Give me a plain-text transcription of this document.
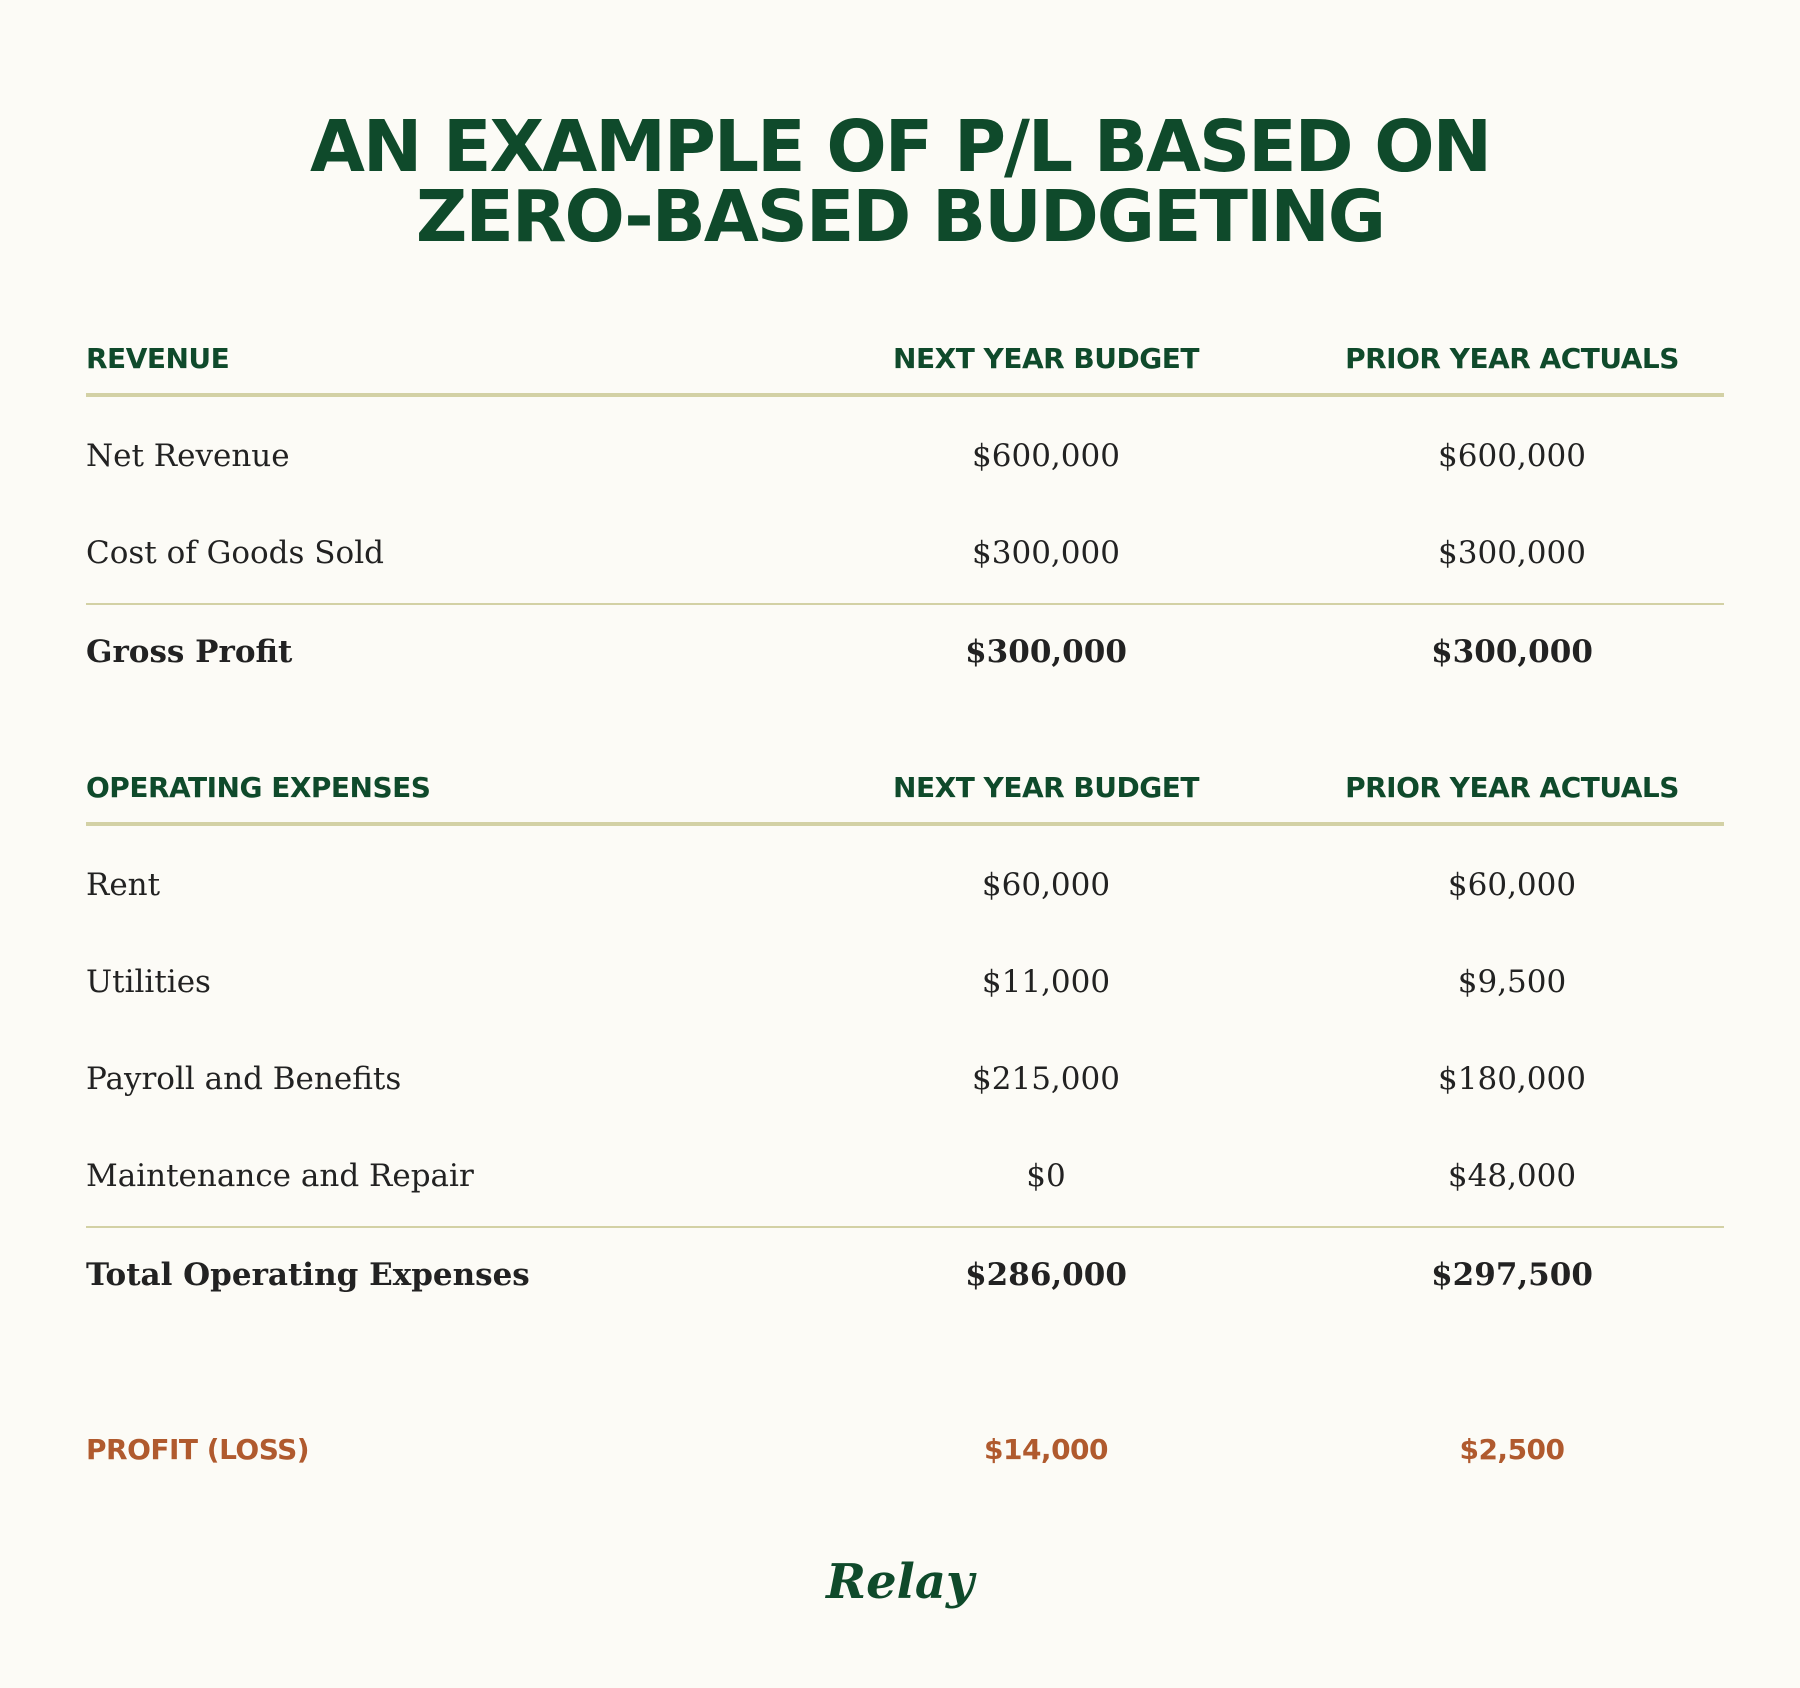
AN EXAMPLE OF P/L BASED ON
ZERO-BASED BUDGETING
REVENUE	NEXT YEAR BUDGET	PRIOR YEAR ACTUALS
Net Revenue	$600,000	$600,000
Cost of Goods Sold	$300,000	$300,000
Gross Profit	$300,000	$300,000
OPERATING EXPENSES	NEXT YEAR BUDGET	PRIOR YEAR ACTUALS
Rent	$60,000	$60,000
Utilities	$11,000	$9,500
Payroll and Benefits	$215,000	$180,000
Maintenance and Repair	$0	$48,000
Total Operating Expenses	$286,000	$297,500
PROFIT (LOSS)	$14,000	$2,500
Relay
